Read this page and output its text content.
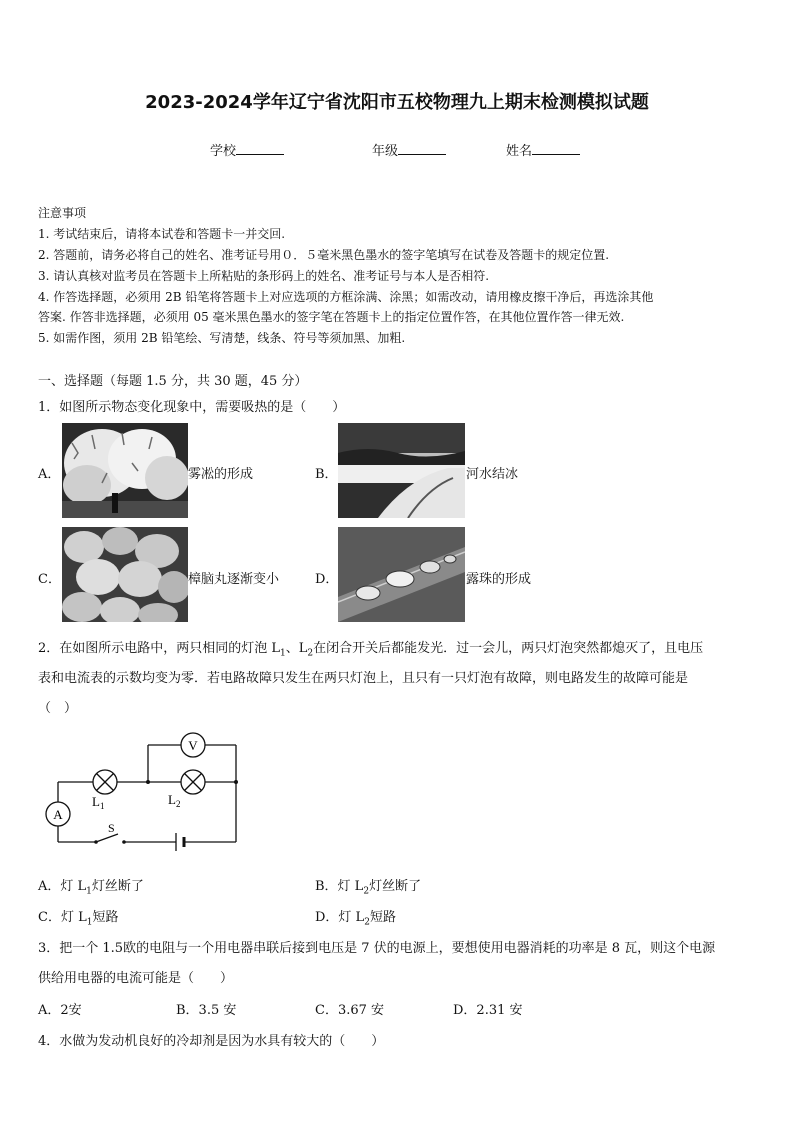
2023-2024学年辽宁省沈阳市五校物理九上期末检测模拟试题
学校	年级	姓名
注意事项
1. 考试结束后，请将本试卷和答题卡一并交回.
2. 答题前，请务必将自己的姓名、准考证号用０．５毫米黑色墨水的签字笔填写在试卷及答题卡的规定位置.
3. 请认真核对监考员在答题卡上所粘贴的条形码上的姓名、准考证号与本人是否相符.
4. 作答选择题，必须用 2B 铅笔将答题卡上对应选项的方框涂满、涂黑；如需改动，请用橡皮擦干净后，再选涂其他
答案. 作答非选择题，必须用 05 毫米黑色墨水的签字笔在答题卡上的指定位置作答，在其他位置作答一律无效.
5. 如需作图，须用 2B 铅笔绘、写清楚，线条、符号等须加黑、加粗.
一、选择题（每题 1.5 分，共 30 题，45 分）
1．如图所示物态变化现象中，需要吸热的是（　　）
A．	雾凇的形成	B．	河水结冰
C．	樟脑丸逐渐变小	D．	露珠的形成
2．在如图所示电路中，两只相同的灯泡 $L_1$、$L_2$在闭合开关后都能发光．过一会儿，两只灯泡突然都熄灭了，且电压
表和电流表的示数均变为零．若电路故障只发生在两只灯泡上，且只有一只灯泡有故障，则电路发生的故障可能是
（　）
V
A
$L_1$	$L_2$
S
A．灯 $L_1$灯丝断了	B．灯 $L_2$灯丝断了
C．灯 $L_1$短路	D．灯 $L_2$短路
3．把一个 1.5欧的电阻与一个用电器串联后接到电压是 7 伏的电源上，要想使用电器消耗的功率是 8 瓦，则这个电源
供给用电器的电流可能是（　　）
A．2安	B．3.5 安	C．3.67 安	D．2.31 安
4．水做为发动机良好的冷却剂是因为水具有较大的（　　）
